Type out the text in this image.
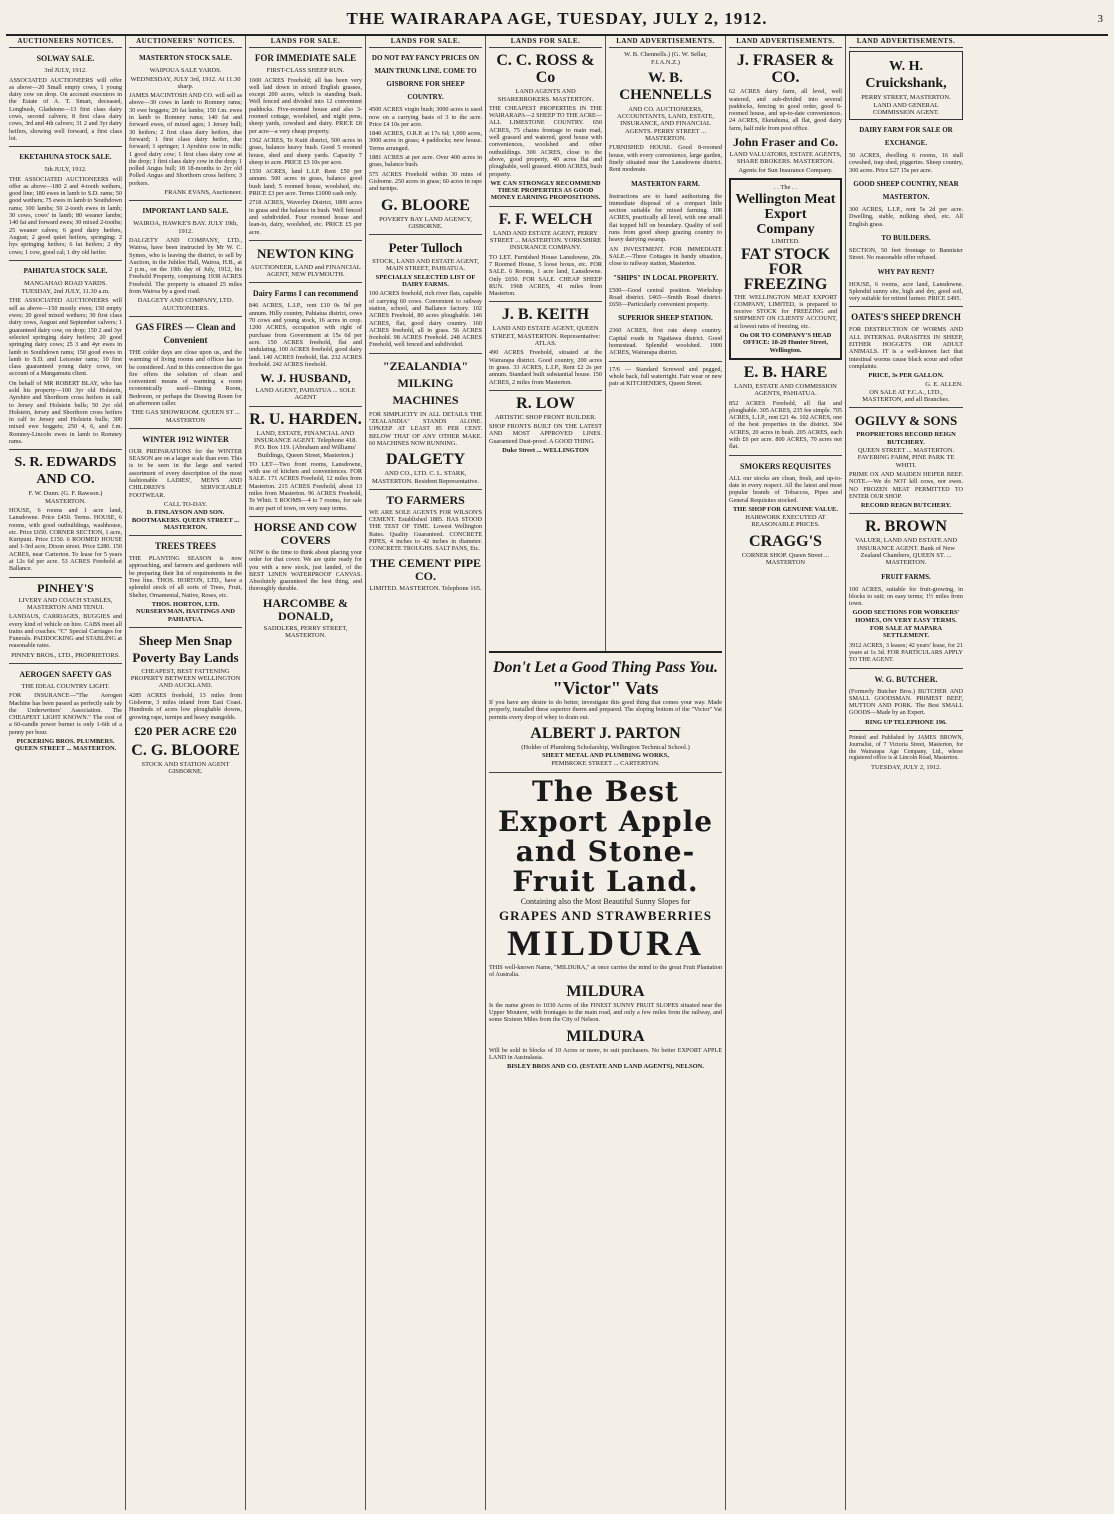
THE WAIRARAPA AGE, TUESDAY, JULY 2, 1912.	3
AUCTIONEERS NOTICES.
SOLWAY SALE.
3rd JULY, 1912.
ASSOCIATED AUCTIONEERS will offer as above—20 Small empty cows, 1 young dairy cow on drop. On account executors in the Estate of A. T. Smart, deceased, Longbush, Gladstone—13 first class dairy cows, second calvers; 8 first class dairy cows, 3rd and 4th calvers; 31 2 and 3yr dairy heifers, showing well forward, a first class lot.
EKETAHUNA STOCK SALE.
5th JULY, 1912.
THE ASSOCIATED AUCTIONEERS will offer as above—180 2 and 4-tooth wethers, good line; 180 ewes in lamb to S.D. rams; 50 good wethers; 75 ewes in lamb to Southdown rams; 100 lambs; 50 2-tooth ewes in lamb; 30 cows, cows' in lamb; 80 weaner lambs; 140 fat and forward ewes; 30 mixed 2-tooths; 25 weaner calves; 6 good dairy heifers, August; 2 good quiet heifers, springing; 2 hys springing heifers; 6 fat heifers; 2 dry cows; 1 cow, good cal; 1 dry old heifer.
PAHIATUA STOCK SALE.
MANGAHAO ROAD YARDS.
TUESDAY, 2nd JULY, 11.30 a.m.
THE ASSOCIATED AUCTIONEERS will sell as above—150 mostly ewes; 150 empty ewes; 20 good mixed wethers; 30 first class dairy cows, August and September calvers; 1 guaranteed dairy cow, on drop; 150 2 and 3yr selected springing dairy heifers; 20 good springing dairy cows; 25 3 and 4yr ewes in lamb to Southdown rams; 150 good ewes in lamb to S.D. and Leicester rams; 10 first class guaranteed young dairy cows, on account of a Mangamutu client.
On behalf of MR ROBERT BLAY, who has sold his property—100 3yr old Holstein, Ayrshire and Shorthorn cross heifers in calf to Jersey and Holstein bulls; 50 2yr old Holstein, Jersey and Shorthorn cross heifers in calf to Jersey and Holstein bulls; 300 mixed ewe hoggets; 250 4, 6, and f.m. Romney-Lincoln ewes in lamb to Romney rams.
S. R. EDWARDS AND CO.
F. W. Dunn. (G. F. Rawson.) MASTERTON.
HOUSE, 6 rooms and 1 acre land, Lansdowne. Price £450. Terms. HOUSE, 6 rooms, with good outbuildings, washhouse, etc. Price £650. CORNER SECTION, 1 acre, Kuripuni. Price £150. 6 ROOMED HOUSE and 1-3rd acre, Dixon street. Price £280. 150 ACRES, near Carterton. To lease for 5 years at 12s 6d per acre. 53 ACRES Freehold at Ballance.
PINHEY'S
LIVERY AND COACH STABLES, MASTERTON AND TENUI.
LANDAUS, CARRIAGES, BUGGIES and every kind of vehicle on hire. CABS meet all trains and coaches. "C" Special Carriages for Funerals. PADDOCKING and STABLING at reasonable rates.
PINNEY BROS., LTD., PROPRIETORS.
AEROGEN SAFETY GAS
THE IDEAL COUNTRY LIGHT.
FOR INSURANCE—"The Aerogen Machine has been passed as perfectly safe by the Underwriters' Association. The CHEAPEST LIGHT KNOWN." The cost of a 60-candle power burner is only 1-6th of a penny per hour.
PICKERING BROS. PLUMBERS. QUEEN STREET ... MASTERTON.
AUCTIONEERS' NOTICES.
MASTERTON STOCK SALE.
WAIPOUA SALE YARDS.
WEDNESDAY, JULY 3rd, 1912. At 11.30 sharp.
JAMES MACINTOSH AND CO. will sell as above—30 cows in lamb to Romney rams; 30 ewe hoggets; 20 fat lambs; 150 f.m. ewes in lamb to Romney rams; 140 fat and forward ewes, of mixed ages; 1 Jersey bull; 30 heifers; 2 first class dairy heifers, due forward; 1 first class dairy heifer, due forward; 1 springer; 1 Ayrshire cow in milk; 1 good dairy cow; 1 first class dairy cow at the drop; 1 first class dairy cow in the drop; 1 polled Angus bull; 18 18-months to 2yr old Polled Angus and Shorthorn cross heifers; 3 porkers.
FRANK EVANS, Auctioneer.
IMPORTANT LAND SALE.
WAIROA, HAWKE'S BAY. JULY 19th, 1912.
DALGETY AND COMPANY, LTD., Wairoa, have been instructed by Mr W. C. Symes, who is leaving the district, to sell by Auction, in the Jubilee Hall, Wairoa, H.B., at 2 p.m., on the 19th day of July, 1912, his Freehold Property, comprising 1938 ACRES Freehold. The property is situated 25 miles from Wairoa by a good road.
DALGETY AND COMPANY, LTD. AUCTIONEERS.
GAS FIRES — Clean and Convenient
THE colder days are close upon us, and the warming of living rooms and offices has to be considered. And in this connection the gas fire offers the solution of clean and convenient means of warming a room economically used—Dining Room, Bedroom, or perhaps the Drawing Room for an afternoon caller.
THE GAS SHOWROOM. QUEEN ST ... MASTERTON
WINTER 1912 WINTER
OUR PREPARATIONS for the WINTER SEASON are on a larger scale than ever. This is to be seen in the large and varied assortment of every description of the most fashionable LADIES', MEN'S AND CHILDREN'S SERVICEABLE FOOTWEAR.
CALL TO-DAY.
D. FINLAYSON AND SON. BOOTMAKERS. QUEEN STREET ... MASTERTON.
TREES TREES
THE PLANTING SEASON is now approaching, and farmers and gardeners will be preparing their list of requirements in the Tree line. THOS. HORTON, LTD., have a splendid stock of all sorts of Trees, Fruit, Shelter, Ornamental, Native, Roses, etc.
THOS. HORTON, LTD. NURSERYMAN, HASTINGS AND PAHIATUA.
Sheep Men Snap Poverty Bay Lands
CHEAPEST, BEST FATTENING PROPERTY BETWEEN WELLINGTON AND AUCKLAND.
4285 ACRES freehold, 13 miles from Gisborne, 3 miles inland from East Coast. Hundreds of acres low ploughable downs, growing rape, turnips and heavy mangolds.
£20 PER ACRE £20
C. G. BLOORE
STOCK AND STATION AGENT GISBORNE.
LANDS FOR SALE.
FOR IMMEDIATE SALE
FIRST-CLASS SHEEP RUN.
1600 ACRES Freehold; all has been very well laid down in mixed English grasses, except 200 acres, which is standing bush. Well fenced and divided into 12 convenient paddocks. Five-roomed house and also 3-roomed cottage, woolshed, and night pens, sheep yards, cowshed and dairy. PRICE £8 per acre—a very cheap property.
1562 ACRES, Te Kuiti district, 500 acres in grass, balance heavy bush. Good 5 roomed house, shed and sheep yards. Capacity 7 sheep to acre. PRICE £3 10s per acre.
1550 ACRES, land L.I.P. Rent £50 per annum. 500 acres in grass, balance good bush land; 5 roomed house, woolshed, etc. PRICE £3 per acre. Terms £1000 cash only.
2718 ACRES, Waverley District, 1800 acres in grass and the balance in bush. Well fenced and subdivided. Four roomed house and lean-to, dairy, woolshed, etc. PRICE £5 per acre.
NEWTON KING
AUCTIONEER, LAND and FINANCIAL AGENT, NEW PLYMOUTH.
Dairy Farms I can recommend
846 ACRES, L.I.P., rent £10 0s 9d per annum. Hilly country, Pahiatua district, cows 70 cows and young stock, 16 acres in crop. 1200 ACRES, occupation with right of purchase from Government at 15s 6d per acre. 150 ACRES freehold, flat and undulating. 100 ACRES freehold, good dairy land. 140 ACRES freehold, flat. 232 ACRES freehold. 242 ACRES freehold.
W. J. HUSBAND,
LAND AGENT, PAHIATUA ... SOLE AGENT
R. U. HARDEN.
LAND, ESTATE, FINANCIAL AND INSURANCE AGENT. Telephone 418. P.O. Box 119. (Abraham and Williams' Buildings, Queen Street, Masterton.)
TO LET—Two front rooms, Lansdowne, with use of kitchen and conveniences. FOR SALE. 171 ACRES Freehold, 12 miles from Masterton. 215 ACRES Freehold, about 13 miles from Masterton. 96 ACRES Freehold, Te Whiti. 5 ROOMS—4 to 7 rooms, for sale in any part of town, on very easy terms.
HORSE AND COW COVERS
NOW is the time to think about placing your order for that cover. We are quite ready for you with a new stock, just landed, of the BEST LINEN WATERPROOF CANVAS. Absolutely guaranteed the best thing, and thoroughly durable.
HARCOMBE & DONALD,
SADDLERS, PERRY STREET, MASTERTON.
LANDS FOR SALE.
DO NOT PAY FANCY PRICES ON MAIN TRUNK LINE. COME TO GISBORNE FOR SHEEP COUNTRY.
4500 ACRES virgin bush; 3000 acres is used now on a carrying basis of 3 to the acre. Price £4 10s per acre.
1840 ACRES, O.R.P. at 17s 6d; 1,000 acres, 3000 acres in grass; 4 paddocks; new house. Terms arranged.
1881 ACRES at per acre. Over 400 acres in grass, balance bush.
575 ACRES Freehold within 30 mins of Gisborne. 250 acres in grass; 60 acres in rape and turnips.
G. BLOORE
POVERTY BAY LAND AGENCY, GISBORNE.
Peter Tulloch
STOCK, LAND AND ESTATE AGENT, MAIN STREET, PAHIATUA.
SPECIALLY SELECTED LIST OF DAIRY FARMS.
100 ACRES freehold, rich river flats, capable of carrying 60 cows. Convenient to railway station, school, and Ballance factory. 102 ACRES Freehold, 80 acres ploughable. 146 ACRES, flat, good dairy country. 160 ACRES freehold, all in grass. 56 ACRES freehold. 98 ACRES Freehold. 248 ACRES Freehold, well fenced and subdivided.
"ZEALANDIA" MILKING MACHINES
FOR SIMPLICITY IN ALL DETAILS THE "ZEALANDIA" STANDS ALONE. UPKEEP AT LEAST 85 PER CENT. BELOW THAT OF ANY OTHER MAKE. 60 MACHINES NOW RUNNING.
DALGETY
AND CO., LTD. C. L. STARK, MASTERTON. Resident Representative.
TO FARMERS
WE ARE SOLE AGENTS FOR WILSON'S CEMENT. Established 1885. HAS STOOD THE TEST OF TIME. Lowest Wellington Rates. Quality Guaranteed. CONCRETE PIPES, 4 inches to 42 inches in diameter. CONCRETE TROUGHS. SALT PANS, Etc.
THE CEMENT PIPE CO.
LIMITED. MASTERTON. Telephone 165.
LANDS FOR SALE.
C. C. ROSS & Co
LAND AGENTS AND SHAREBROKERS. MASTERTON.
THE CHEAPEST PROPERTIES IN THE WAIRARAPA—2 SHEEP TO THE ACRE—ALL LIMESTONE COUNTRY. 650 ACRES, 75 chains frontage to main road, well grassed and watered, good house with conveniences, woolshed and other outbuildings. 300 ACRES, close to the above, good property, 40 acres flat and ploughable, well grassed. 4900 ACRES, bush property.
WE CAN STRONGLY RECOMMEND THESE PROPERTIES AS GOOD MONEY EARNING PROPOSITIONS.
F. F. WELCH
LAND AND ESTATE AGENT, PERRY STREET ... MASTERTON. YORKSHIRE INSURANCE COMPANY.
TO LET. Furnished House Lansdowne, 20s. 7 Roomed House, 5 loose boxes, etc. FOR SALE. 6 Rooms, 1 acre land, Lansdowne. Only £650. FOR SALE. CHEAP SHEEP RUN. 1968 ACRES, 41 miles from Masterton.
J. B. KEITH
LAND AND ESTATE AGENT, QUEEN STREET, MASTERTON. Representative: ATLAS.
490 ACRES Freehold, situated at the Wairarapa district. Good country, 200 acres in grass. 33 ACRES, L.I.P., Rent £2 2s per annum. Standard built substantial house. 150 ACRES, 2 miles from Masterton.
R. LOW
ARTISTIC SHOP FRONT BUILDER.
SHOP FRONTS BUILT ON THE LATEST AND MOST APPROVED LINES. Guaranteed Dust-proof. A GOOD THING.
Duke Street ... WELLINGTON
LAND ADVERTISEMENTS.
W. B. Chennells.) (G. W. Sellar, F.I.A.N.Z.)
W. B. CHENNELLS
AND CO. AUCTIONEERS, ACCOUNTANTS, LAND, ESTATE, INSURANCE, AND FINANCIAL AGENTS. PERRY STREET ... MASTERTON.
FURNISHED HOUSE. Good 8-roomed house, with every convenience, large garden, finely situated near the Lansdowne district. Rent moderate.
MASTERTON FARM.
Instructions are to hand authorising the immediate disposal of a compact little section suitable for mixed farming. 108 ACRES, practically all level, with one small flat topped hill on boundary. Quality of soil runs from good sheep grazing country to heavy dairying swamp.
AN INVESTMENT. FOR IMMEDIATE SALE.—Three Cottages in handy situation, close to railway station, Masterton.
"SHIPS" IN LOCAL PROPERTY.
£500—Good central position. Workshop Road district. £465—Smith Road district. £650—Particularly convenient property.
SUPERIOR SHEEP STATION.
2360 ACRES, first rate sheep country. Capital roads in Ngatiawa district. Good homestead. Splendid woolshed. 1900 ACRES, Wairarapa district.
17/6 — Standard Screwed and pegged, whole back, full waterright. Fair wear or new pair at KITCHENER'S, Queen Street.
Don't Let a Good Thing Pass You.
"Victor" Vats
If you have any desire to do better, investigate this good thing that comes your way. Made properly, installed these superior therm and prepared. The sloping bottom of the "Victor" Vat permits every drop of whey to drain out.
ALBERT J. PARTON
(Holder of Plumbing Scholarship, Wellington Technical School.)
SHEET METAL AND PLUMBING WORKS,
PEMBROKE STREET ... CARTERTON.
The Best Export Apple and Stone-Fruit Land.
Containing also the Most Beautiful Sunny Slopes for
GRAPES AND STRAWBERRIES
MILDURA
THIS well-known Name, "MILDURA," at once carries the mind to the great Fruit Plantation of Australia.
MILDURA
Is the name given to 1030 Acres of the FINEST SUNNY FRUIT SLOPES situated near the Upper Moutere, with frontages to the main road, and only a few miles from the railway, and some Sixteen Miles from the City of Nelson.
MILDURA
Will be sold in blocks of 10 Acres or more, to suit purchasers. No better EXPORT APPLE LAND in Australasia.
BISLEY BROS AND CO. (ESTATE AND LAND AGENTS), NELSON.
LAND ADVERTISEMENTS.
J. FRASER & CO.
62 ACRES dairy farm, all level, well watered, and sub-divided into several paddocks, fencing in good order, good 6-roomed house, and up-to-date conveniences. 24 ACRES, Eketahuna, all flat, good dairy farm, half mile from post office.
John Fraser and Co.
LAND VALUATORS, ESTATE AGENTS, SHARE BROKERS. MASTERTON.
Agents for Sun Insurance Company.
. . The . .
Wellington Meat Export Company
LIMITED.
FAT STOCK FOR FREEZING
THE WELLINGTON MEAT EXPORT COMPANY, LIMITED, is prepared to receive STOCK for FREEZING and SHIPMENT ON CLIENTS' ACCOUNT, at lowest rates of freezing, etc.
On OR TO COMPANY'S HEAD OFFICE: 18-20 Hunter Street, Wellington.
E. B. HARE
LAND, ESTATE AND COMMISSION AGENTS, PAHIATUA.
852 ACRES Freehold, all flat and ploughable. 305 ACRES, 235 fee simple. 705 ACRES, L.I.P., rent £21 4s. 102 ACRES, one of the best properties in the district. 304 ACRES, 20 acres in bush. 205 ACRES, each with £6 per acre. 800 ACRES, 70 acres not flat.
SMOKERS REQUISITES
ALL our stocks are clean, fresh, and up-to-date in every respect. All the latest and most popular brands of Tobaccos, Pipes and General Requisites stocked.
THE SHOP FOR GENUINE VALUE.
HAIRWORK EXECUTED AT REASONABLE PRICES.
CRAGG'S
CORNER SHOP. Queen Street ... MASTERTON
LAND ADVERTISEMENTS.
W. H. Cruickshank,
PERRY STREET, MASTERTON. LAND AND GENERAL COMMISSION AGENT.
DAIRY FARM FOR SALE OR EXCHANGE.
50 ACRES, dwelling 6 rooms, 16 stall cowshed, trap shed, piggeries. Sheep country, 300 acres. Price £27 15s per acre.
GOOD SHEEP COUNTRY, NEAR MASTERTON.
300 ACRES, L.I.P., rent 5s 2d per acre. Dwelling, stable, milking shed, etc. All English grass.
TO BUILDERS.
SECTION, 50 feet frontage to Bannister Street. No reasonable offer refused.
WHY PAY RENT?
HOUSE, 6 rooms, acre land, Lansdowne. Splendid sunny site, high and dry, good soil, very suitable for retired farmer. PRICE £495.
OATES'S SHEEP DRENCH
FOR DESTRUCTION OF WORMS AND ALL INTERNAL PARASITES IN SHEEP, EITHER HOGGETS OR ADULT ANIMALS. IT is a well-known fact that intestinal worms cause black scour and other complaints.
PRICE, 3s PER GALLON.
G. E. ALLEN.
ON SALE AT F.C.A., LTD., MASTERTON, and all Branches.
OGILVY & SONS
PROPRIETORS RECORD REIGN BUTCHERY.
QUEEN STREET ... MASTERTON. FAVERING FARM, PINE PARK TE WHITI.
PRIME OX AND MAIDEN HEIFER BEEF. NOTE.—We do NOT kill cows, nor ewes. NO FROZEN MEAT PERMITTED TO ENTER OUR SHOP.
RECORD REIGN BUTCHERY.
R. BROWN
VALUER, LAND AND ESTATE AND INSURANCE AGENT. Bank of New Zealand Chambers, QUEEN ST. ... MASTERTON.
FRUIT FARMS.
100 ACRES, suitable for fruit-growing, in blocks to suit; on easy terms; 1½ miles from town.
GOOD SECTIONS FOR WORKERS' HOMES, ON VERY EASY TERMS.
FOR SALE AT MAPARA SETTLEMENT.
3912 ACRES, 3 leases; 42 years' lease, for 21 years at 1s 3d. FOR PARTICULARS APPLY TO THE AGENT.
W. G. BUTCHER.
(Formerly Butcher Bros.) BUTCHER AND SMALL GOODSMAN. PRIMEST BEEF, MUTTON AND PORK. The Best SMALL GOODS—Made by an Expert.
RING UP TELEPHONE 196.
Printed and Published by JAMES BROWN, Journalist, of 7 Victoria Street, Masterton, for the Wairarapa Age Company, Ltd., whose registered office is at Lincoln Road, Masterton.
TUESDAY, JULY 2, 1912.
